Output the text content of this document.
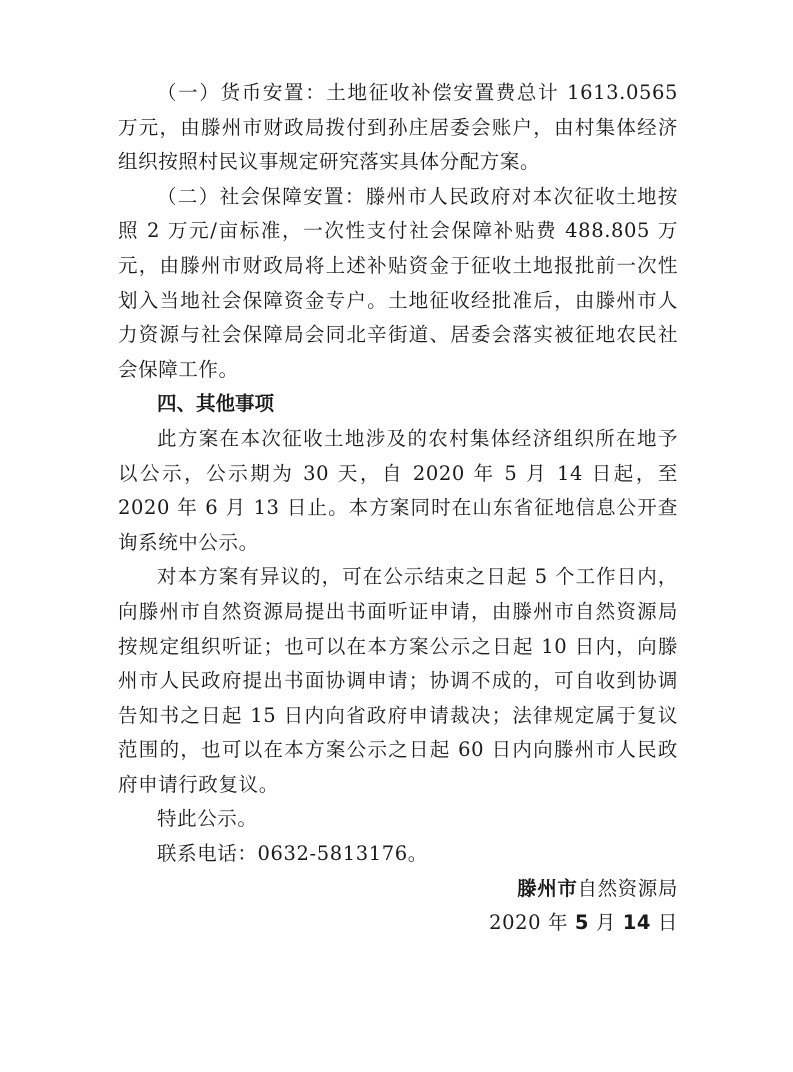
（一）货币安置：土地征收补偿安置费总计 1613.0565 万元，由滕州市财政局拨付到孙庄居委会账户，由村集体经济组织按照村民议事规定研究落实具体分配方案。

（二）社会保障安置：滕州市人民政府对本次征收土地按照 2 万元/亩标准，一次性支付社会保障补贴费 488.805 万元，由滕州市财政局将上述补贴资金于征收土地报批前一次性划入当地社会保障资金专户。土地征收经批准后，由滕州市人力资源与社会保障局会同北辛街道、居委会落实被征地农民社会保障工作。

四、其他事项

此方案在本次征收土地涉及的农村集体经济组织所在地予以公示，公示期为 30 天，自 2020 年 5 月 14 日起，至 2020 年 6 月 13 日止。本方案同时在山东省征地信息公开查询系统中公示。

对本方案有异议的，可在公示结束之日起 5 个工作日内，向滕州市自然资源局提出书面听证申请，由滕州市自然资源局按规定组织听证；也可以在本方案公示之日起 10 日内，向滕州市人民政府提出书面协调申请；协调不成的，可自收到协调告知书之日起 15 日内向省政府申请裁决；法律规定属于复议范围的，也可以在本方案公示之日起 60 日内向滕州市人民政府申请行政复议。

特此公示。

联系电话：0632-5813176。

滕州市自然资源局

2020 年 5 月 14 日
